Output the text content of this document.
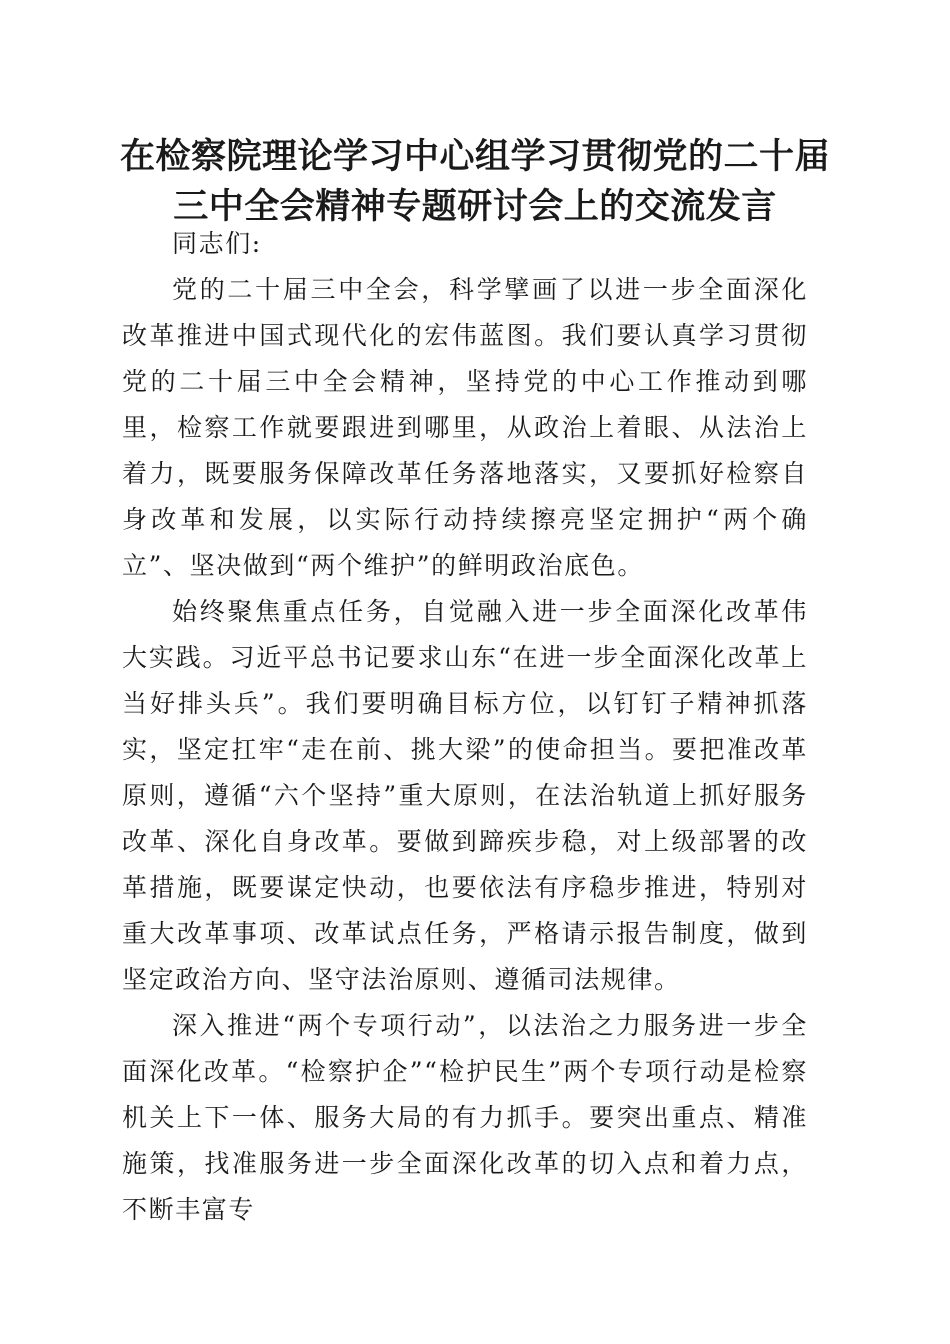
在检察院理论学习中心组学习贯彻党的二十届
三中全会精神专题研讨会上的交流发言

同志们:

党的二十届三中全会，科学擘画了以进一步全面深化改革推进中国式现代化的宏伟蓝图。我们要认真学习贯彻党的二十届三中全会精神，坚持党的中心工作推动到哪里，检察工作就要跟进到哪里，从政治上着眼、从法治上着力，既要服务保障改革任务落地落实，又要抓好检察自身改革和发展，以实际行动持续擦亮坚定拥护“两个确立”、坚决做到“两个维护”的鲜明政治底色。

始终聚焦重点任务，自觉融入进一步全面深化改革伟大实践。习近平总书记要求山东“在进一步全面深化改革上当好排头兵”。我们要明确目标方位，以钉钉子精神抓落实，坚定扛牢“走在前、挑大梁”的使命担当。要把准改革原则，遵循“六个坚持”重大原则，在法治轨道上抓好服务改革、深化自身改革。要做到蹄疾步稳，对上级部署的改革措施，既要谋定快动，也要依法有序稳步推进，特别对重大改革事项、改革试点任务，严格请示报告制度，做到坚定政治方向、坚守法治原则、遵循司法规律。

深入推进“两个专项行动”，以法治之力服务进一步全面深化改革。“检察护企”“检护民生”两个专项行动是检察机关上下一体、服务大局的有力抓手。要突出重点、精准施策，找准服务进一步全面深化改革的切入点和着力点，不断丰富专
